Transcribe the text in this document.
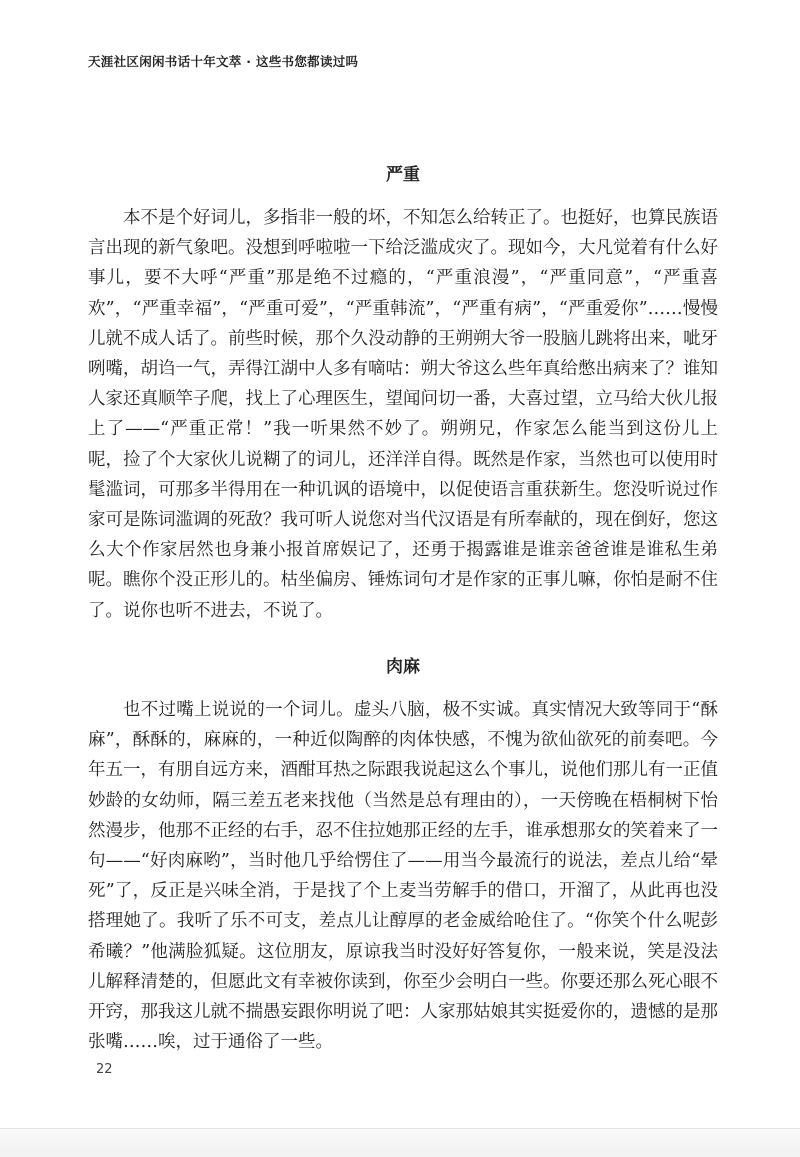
天涯社区闲闲书话十年文萃 · 这些书您都读过吗
严重

本不是个好词儿，多指非一般的坏，不知怎么给转正了。也挺好，也算民族语言出现的新气象吧。没想到呼啦啦一下给泛滥成灾了。现如今，大凡觉着有什么好事儿，要不大呼“严重”那是绝不过瘾的，“严重浪漫”，“严重同意”，“严重喜欢”，“严重幸福”，“严重可爱”，“严重韩流”，“严重有病”，“严重爱你”……慢慢儿就不成人话了。前些时候，那个久没动静的王朔朔大爷一股脑儿跳将出来，呲牙咧嘴，胡诌一气，弄得江湖中人多有嘀咕：朔大爷这么些年真给憋出病来了？谁知人家还真顺竿子爬，找上了心理医生，望闻问切一番，大喜过望，立马给大伙儿报上了——“严重正常！”我一听果然不妙了。朔朔兄，作家怎么能当到这份儿上呢，捡了个大家伙儿说糊了的词儿，还洋洋自得。既然是作家，当然也可以使用时髦滥词，可那多半得用在一种讥讽的语境中，以促使语言重获新生。您没听说过作家可是陈词滥调的死敌？我可听人说您对当代汉语是有所奉献的，现在倒好，您这么大个作家居然也身兼小报首席娱记了，还勇于揭露谁是谁亲爸爸谁是谁私生弟呢。瞧你个没正形儿的。枯坐偏房、锤炼词句才是作家的正事儿嘛，你怕是耐不住了。说你也听不进去，不说了。

肉麻

也不过嘴上说说的一个词儿。虚头八脑，极不实诚。真实情况大致等同于“酥麻”，酥酥的，麻麻的，一种近似陶醉的肉体快感，不愧为欲仙欲死的前奏吧。今年五一，有朋自远方来，酒酣耳热之际跟我说起这么个事儿，说他们那儿有一正值妙龄的女幼师，隔三差五老来找他（当然是总有理由的），一天傍晚在梧桐树下怡然漫步，他那不正经的右手，忍不住拉她那正经的左手，谁承想那女的笑着来了一句——“好肉麻哟”，当时他几乎给愣住了——用当今最流行的说法，差点儿给“晕死”了，反正是兴味全消，于是找了个上麦当劳解手的借口，开溜了，从此再也没搭理她了。我听了乐不可支，差点儿让醇厚的老金威给呛住了。“你笑个什么呢彭希曦？”他满脸狐疑。这位朋友，原谅我当时没好好答复你，一般来说，笑是没法儿解释清楚的，但愿此文有幸被你读到，你至少会明白一些。你要还那么死心眼不开窍，那我这儿就不揣愚妄跟你明说了吧：人家那姑娘其实挺爱你的，遗憾的是那张嘴……唉，过于通俗了一些。

22
